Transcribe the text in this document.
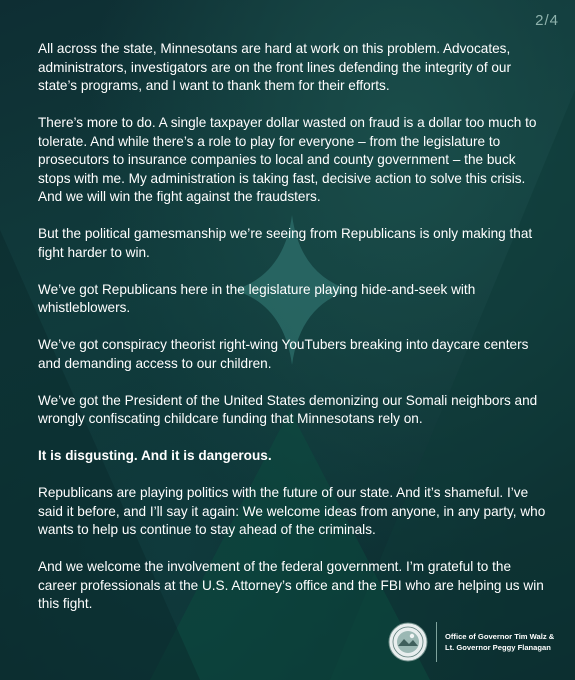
2/4

All across the state, Minnesotans are hard at work on this problem. Advocates, administrators, investigators are on the front lines defending the integrity of our state’s programs, and I want to thank them for their efforts.

There’s more to do. A single taxpayer dollar wasted on fraud is a dollar too much to tolerate. And while there’s a role to play for everyone – from the legislature to prosecutors to insurance companies to local and county government – the buck stops with me. My administration is taking fast, decisive action to solve this crisis. And we will win the fight against the fraudsters.

But the political gamesmanship we’re seeing from Republicans is only making that fight harder to win.

We’ve got Republicans here in the legislature playing hide-and-seek with whistleblowers.

We’ve got conspiracy theorist right-wing YouTubers breaking into daycare centers and demanding access to our children.

We’ve got the President of the United States demonizing our Somali neighbors and wrongly confiscating childcare funding that Minnesotans rely on.

It is disgusting. And it is dangerous.

Republicans are playing politics with the future of our state. And it’s shameful. I’ve said it before, and I’ll say it again: We welcome ideas from anyone, in any party, who wants to help us continue to stay ahead of the criminals.

And we welcome the involvement of the federal government. I’m grateful to the career professionals at the U.S. Attorney’s office and the FBI who are helping us win this fight.

Office of Governor Tim Walz &
Lt. Governor Peggy Flanagan
